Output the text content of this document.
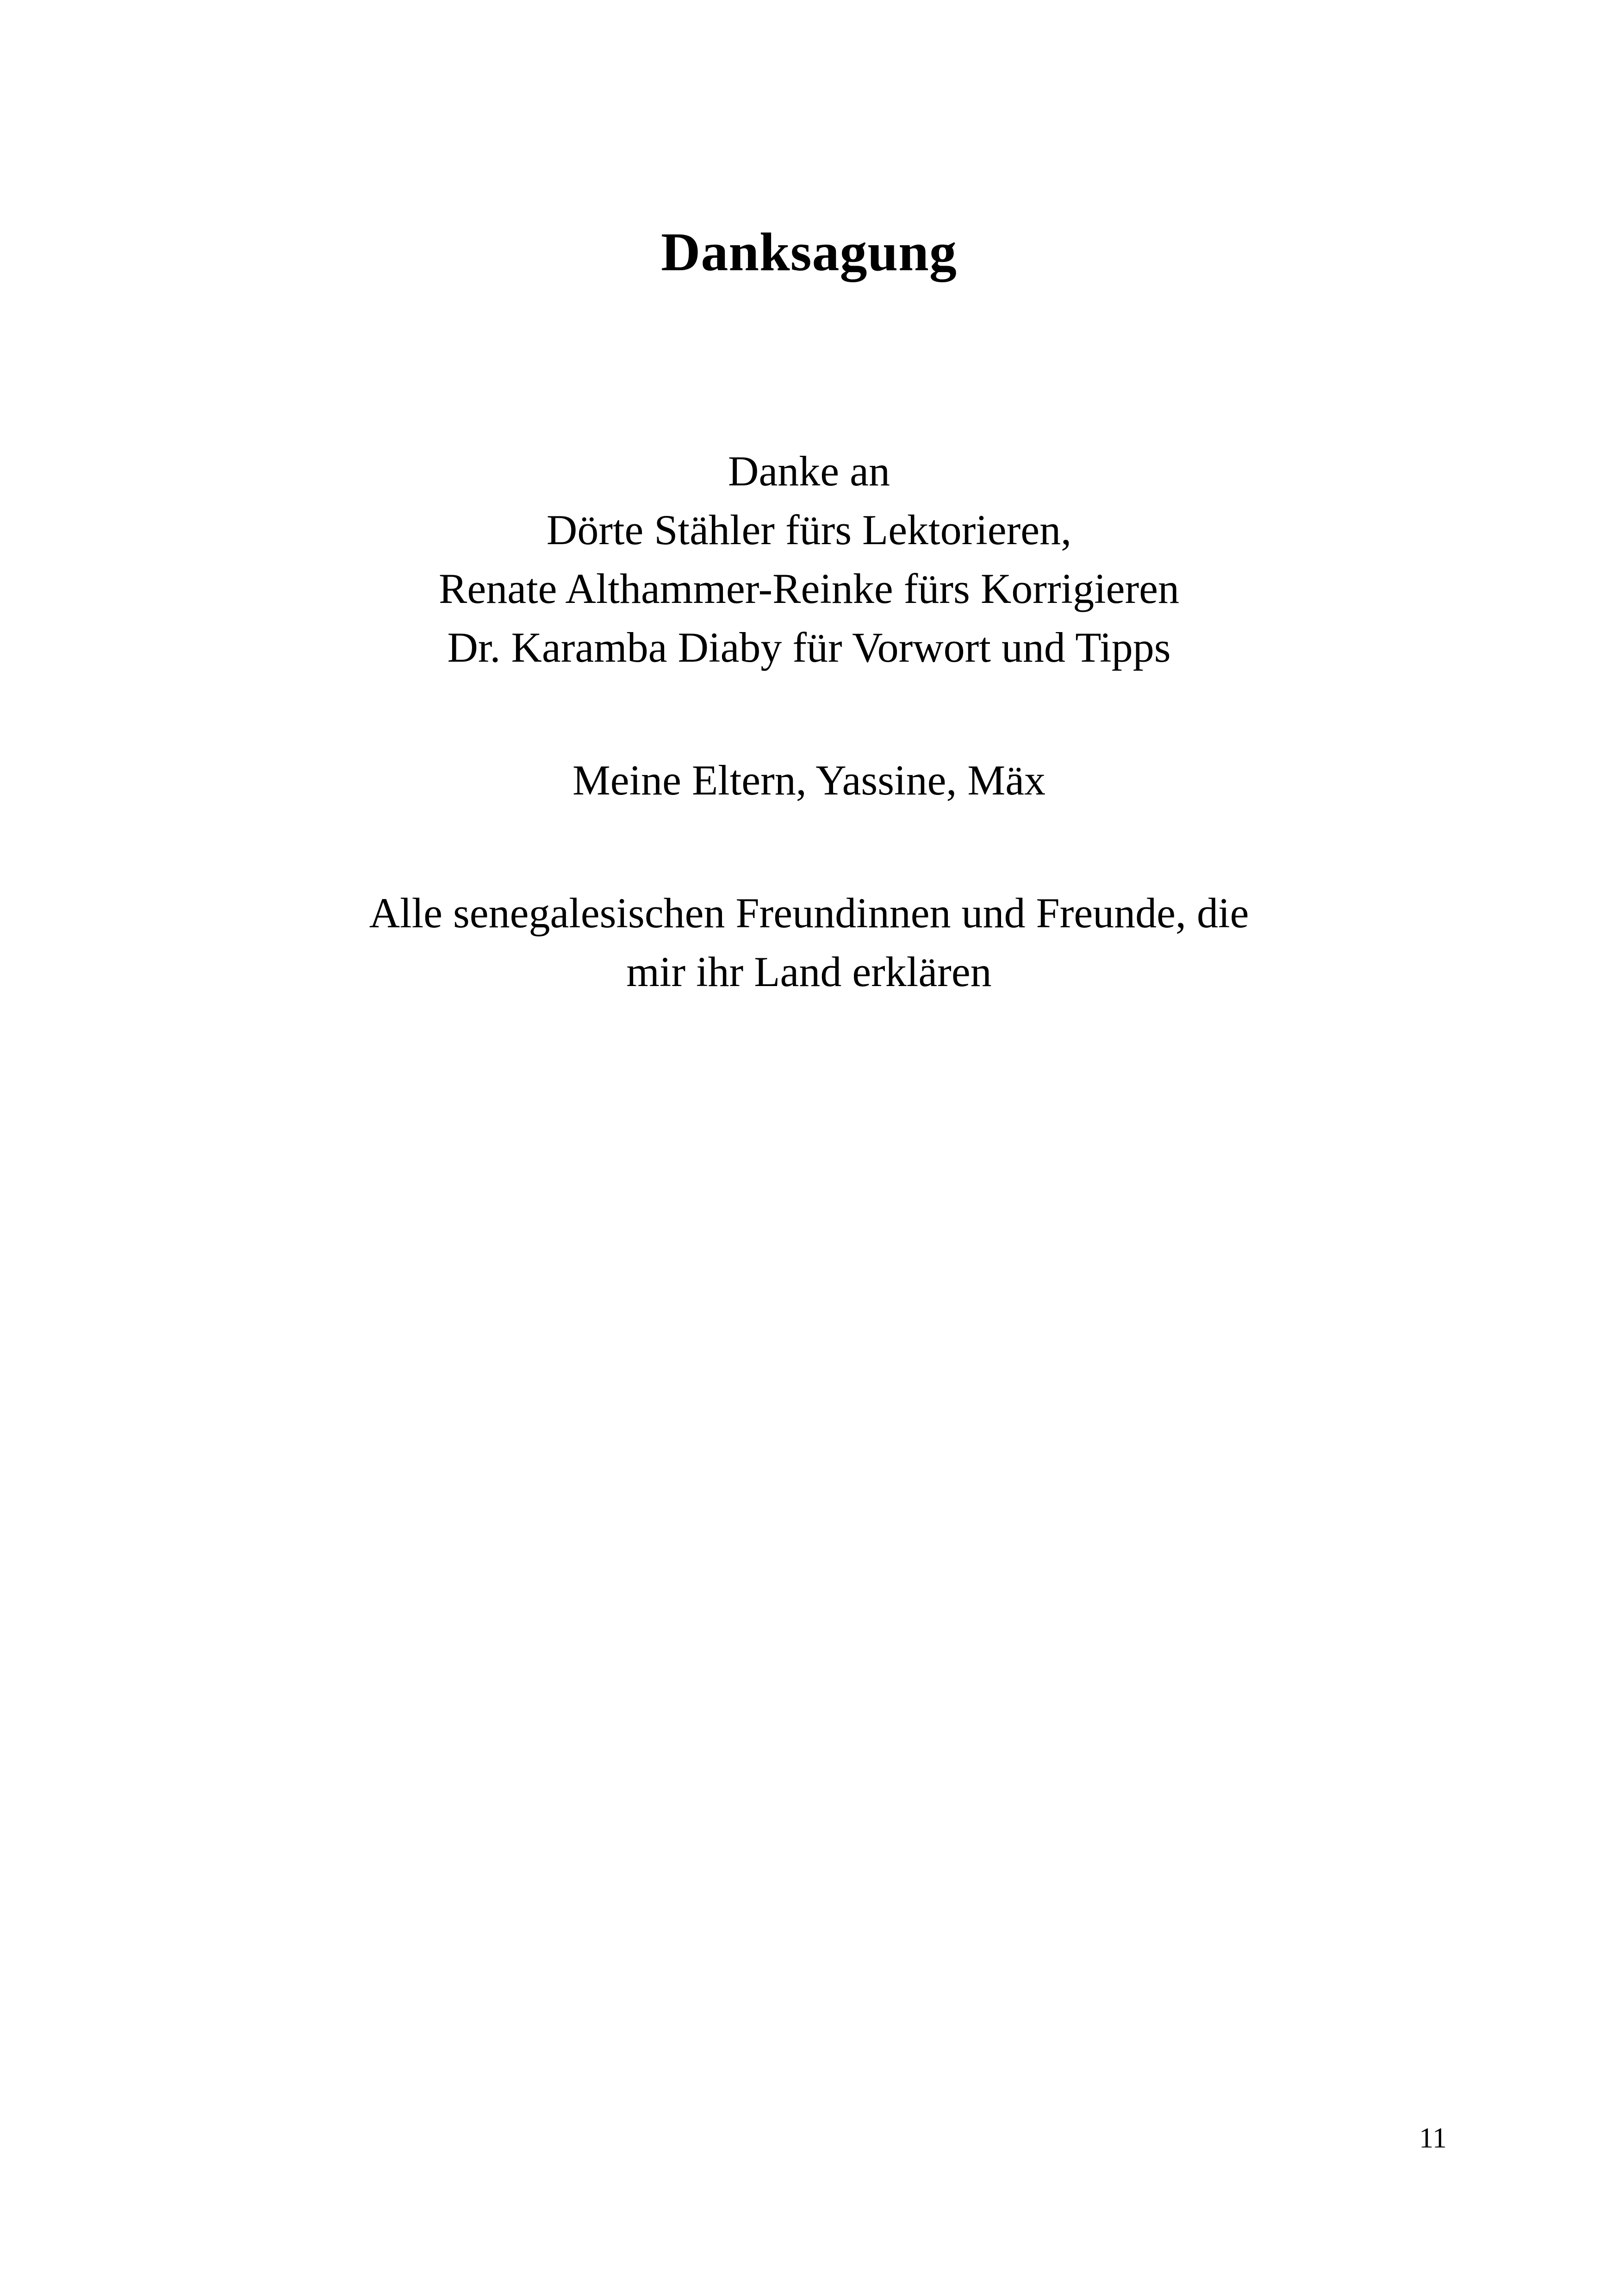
Danksagung

Danke an

Dörte Stähler fürs Lektorieren,

Renate Althammer-Reinke fürs Korrigieren

Dr. Karamba Diaby für Vorwort und Tipps

Meine Eltern, Yassine, Mäx

Alle senegalesischen Freundinnen und Freunde, die

mir ihr Land erklären

11
